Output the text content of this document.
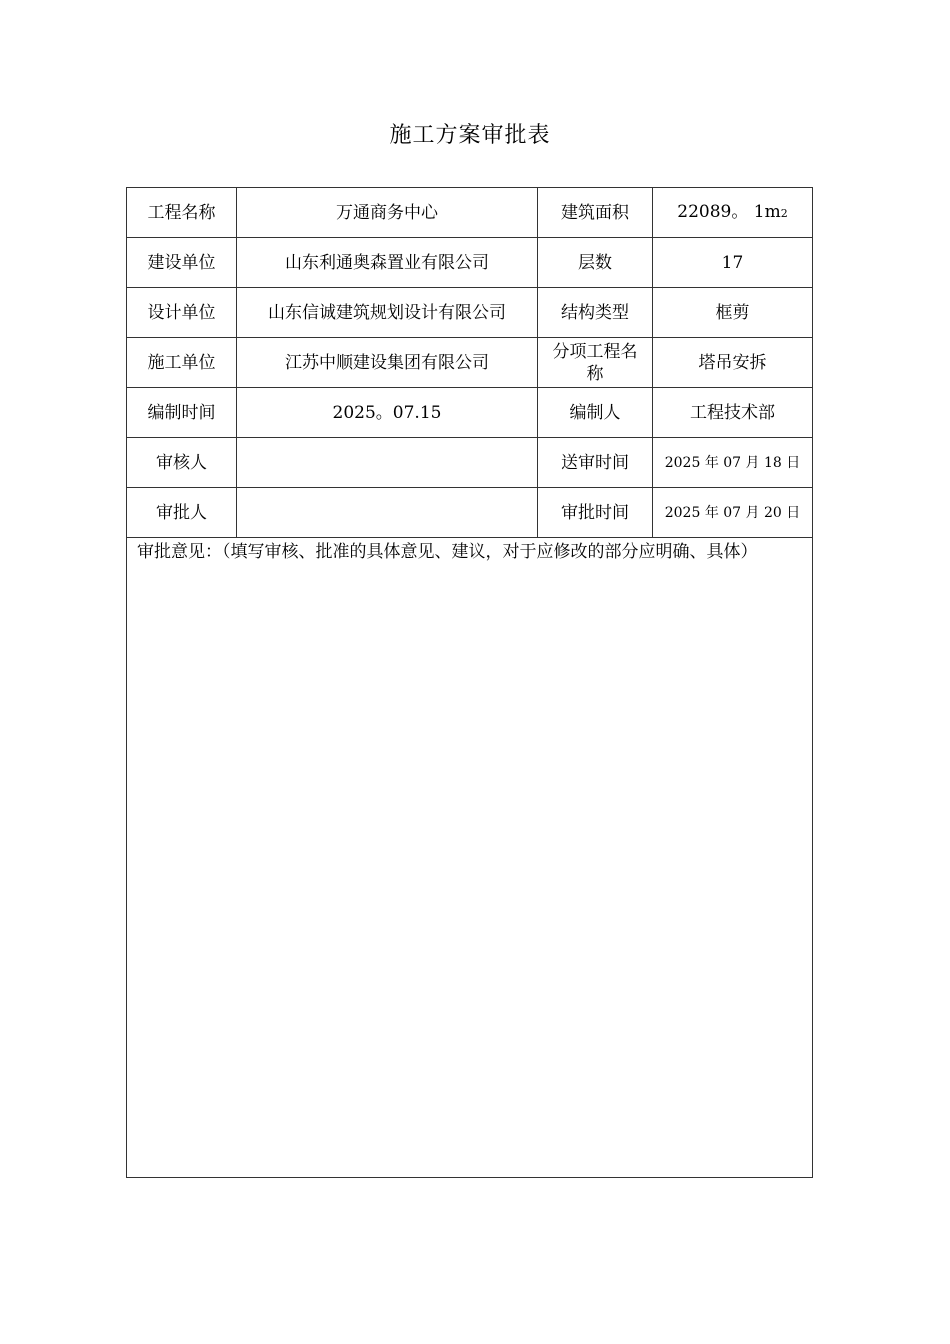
施工方案审批表
工程名称	万通商务中心	建筑面积	22089。 1m2
建设单位	山东利通奥森置业有限公司	层数	17
设计单位	山东信诚建筑规划设计有限公司	结构类型	框剪
施工单位	江苏中顺建设集团有限公司	分项工程名称	塔吊安拆
编制时间	2025。07.15	编制人	工程技术部
审核人		送审时间	2025 年 07 月 18 日
审批人		审批时间	2025 年 07 月 20 日
审批意见：（填写审核、批准的具体意见、建议，对于应修改的部分应明确、具体）			
